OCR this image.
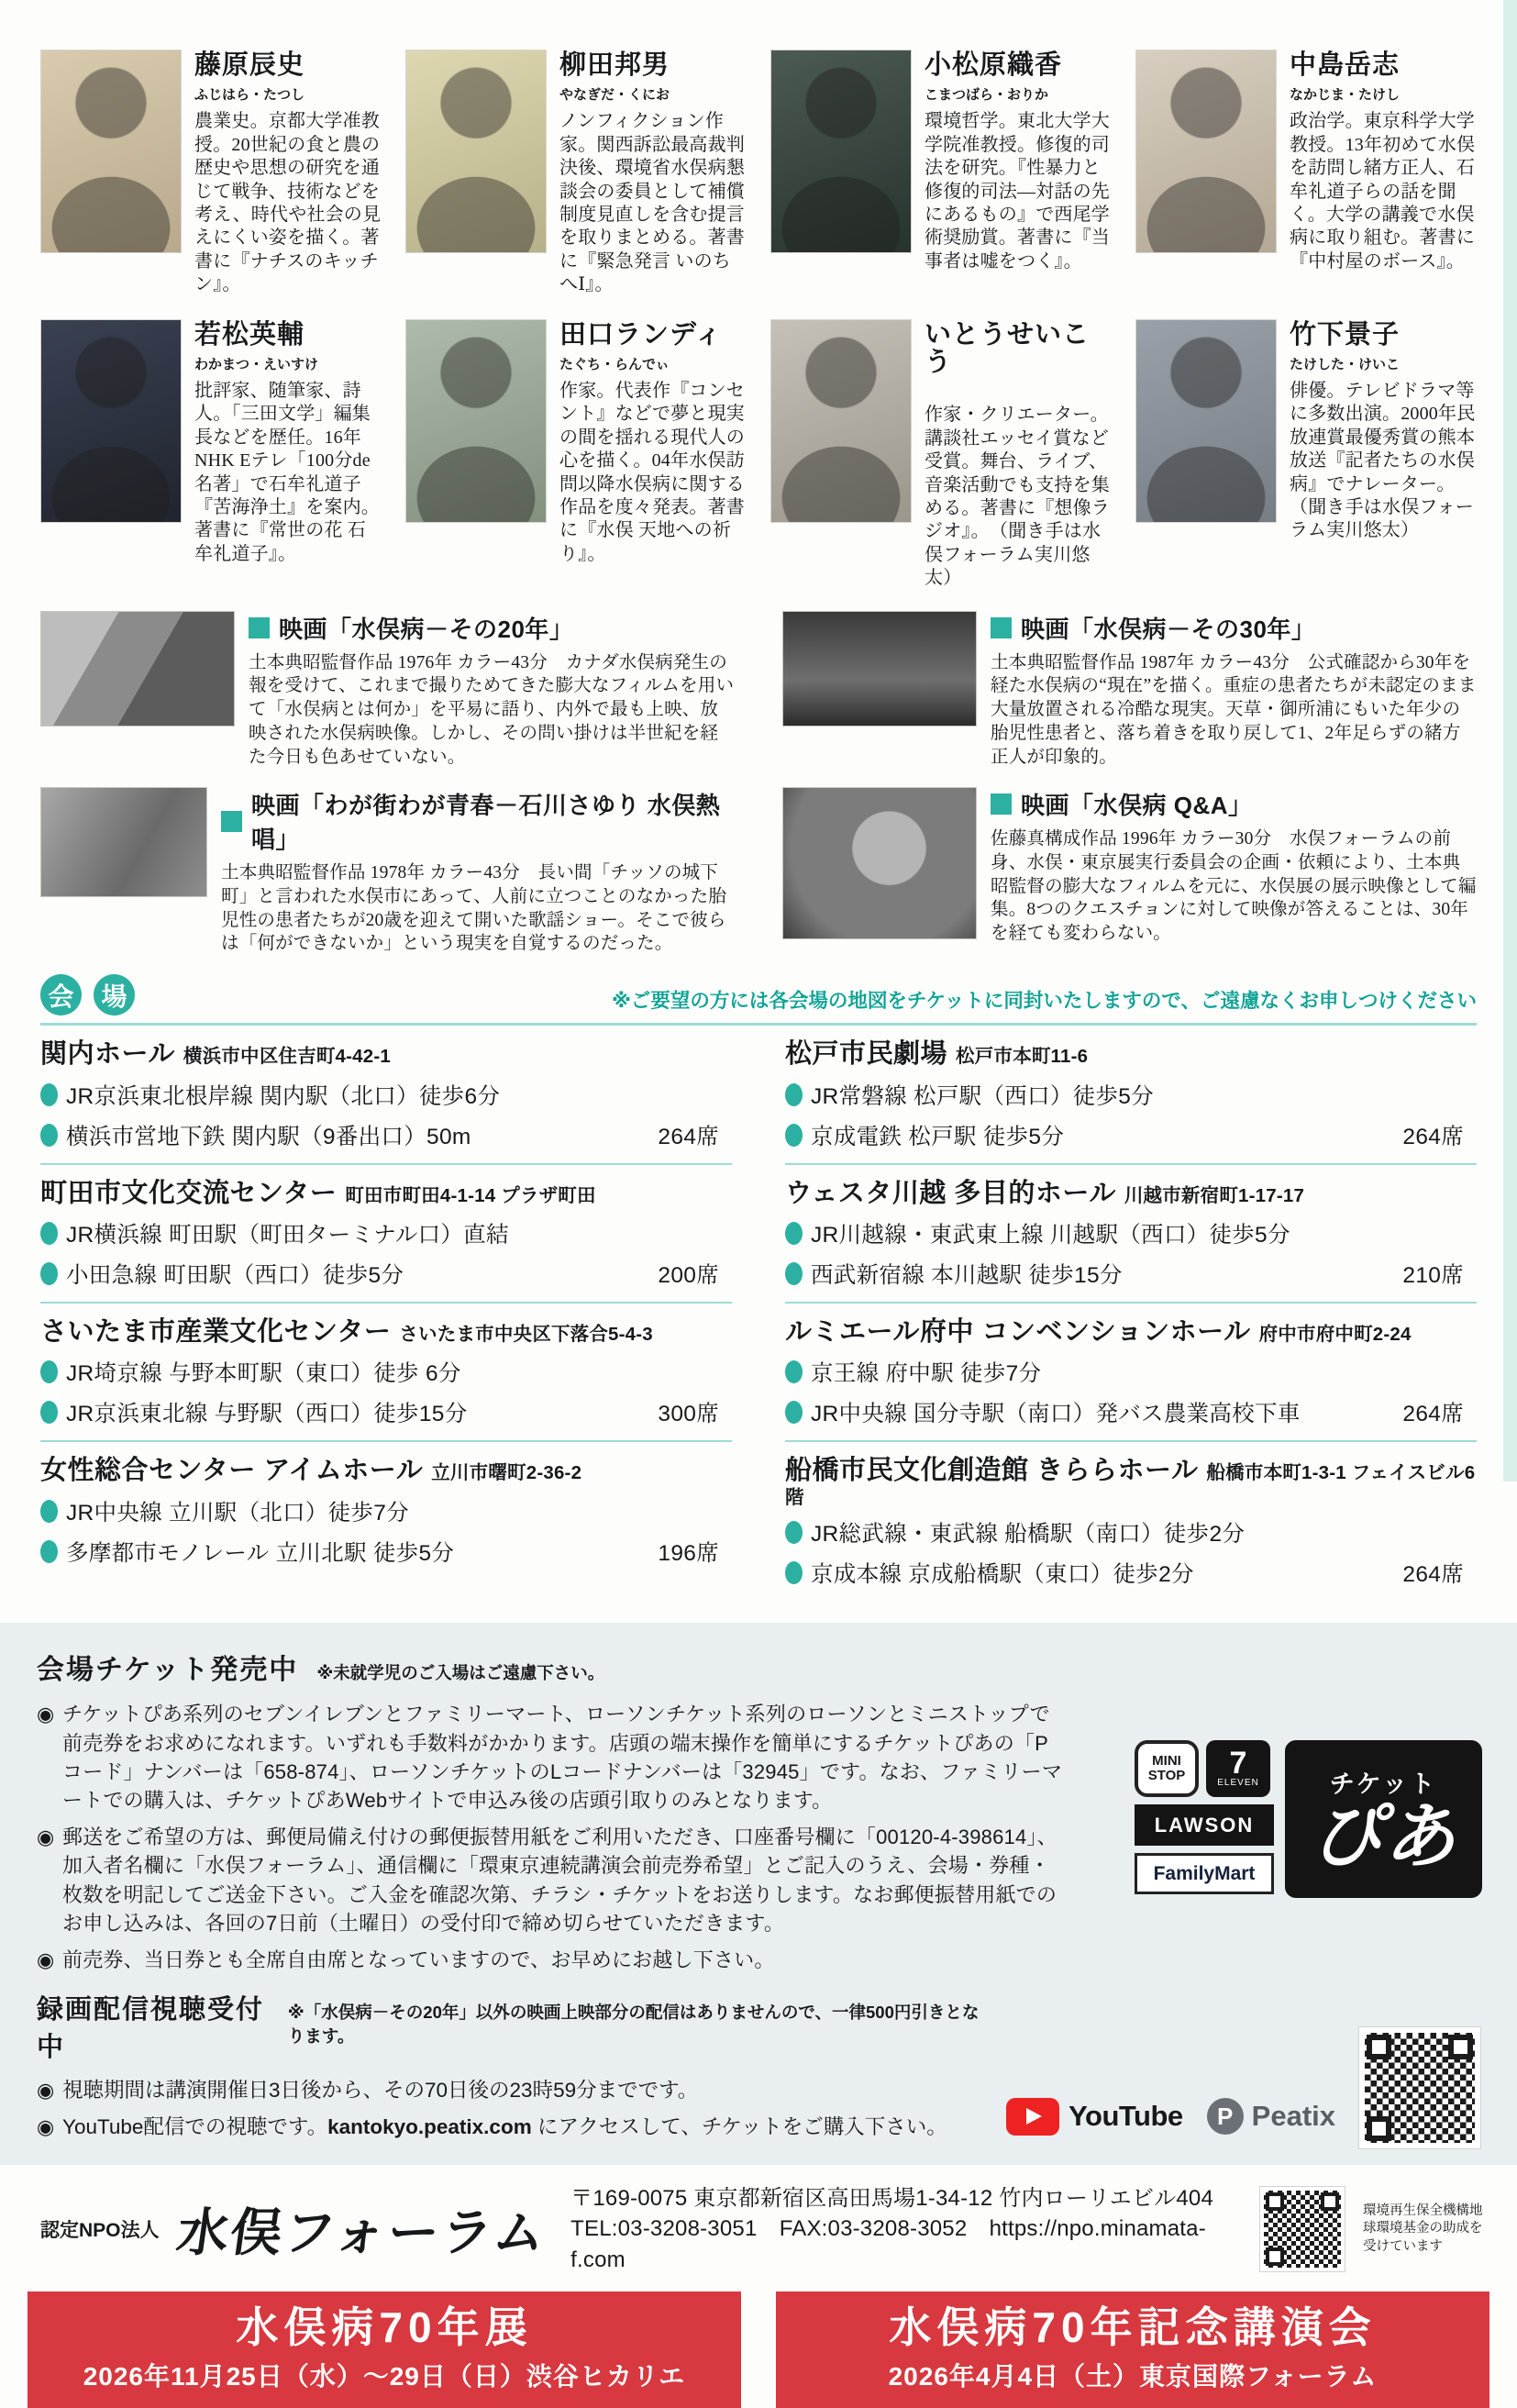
藤原辰史
ふじはら・たつし
農業史。京都大学准教授。20世紀の食と農の歴史や思想の研究を通じて戦争、技術などを考え、時代や社会の見えにくい姿を描く。著書に『ナチスのキッチン』。
柳田邦男
やなぎだ・くにお
ノンフィクション作家。関西訴訟最高裁判決後、環境省水俣病懇談会の委員として補償制度見直しを含む提言を取りまとめる。著書に『緊急発言 いのちへⅠ』。
小松原織香
こまつばら・おりか
環境哲学。東北大学大学院准教授。修復的司法を研究。『性暴力と修復的司法―対話の先にあるもの』で西尾学術奨励賞。著書に『当事者は嘘をつく』。
中島岳志
なかじま・たけし
政治学。東京科学大学教授。13年初めて水俣を訪問し緒方正人、石牟礼道子らの話を聞く。大学の講義で水俣病に取り組む。著書に『中村屋のボース』。
若松英輔
わかまつ・えいすけ
批評家、随筆家、詩人。「三田文学」編集長などを歴任。16年NHK Eテレ「100分de名著」で石牟礼道子『苦海浄土』を案内。著書に『常世の花 石牟礼道子』。
田口ランディ
たぐち・らんでぃ
作家。代表作『コンセント』などで夢と現実の間を揺れる現代人の心を描く。04年水俣訪問以降水俣病に関する作品を度々発表。著書に『水俣 天地への祈り』。
いとうせいこう
作家・クリエーター。講談社エッセイ賞など受賞。舞台、ライブ、音楽活動でも支持を集める。著書に『想像ラジオ』。　（聞き手は水俣フォーラム実川悠太）
竹下景子
たけした・けいこ
俳優。テレビドラマ等に多数出演。2000年民放連賞最優秀賞の熊本放送『記者たちの水俣病』でナレーター。　（聞き手は水俣フォーラム実川悠太）
映画「水俣病－その20年」
土本典昭監督作品 1976年 カラー43分　カナダ水俣病発生の報を受けて、これまで撮りためてきた膨大なフィルムを用いて「水俣病とは何か」を平易に語り、内外で最も上映、放映された水俣病映像。しかし、その問い掛けは半世紀を経た今日も色あせていない。
映画「水俣病－その30年」
土本典昭監督作品 1987年 カラー43分　公式確認から30年を経た水俣病の“現在”を描く。重症の患者たちが未認定のまま大量放置される冷酷な現実。天草・御所浦にもいた年少の胎児性患者と、落ち着きを取り戻して1、2年足らずの緒方正人が印象的。
映画「わが街わが青春－石川さゆり 水俣熱唱」
土本典昭監督作品 1978年 カラー43分　長い間「チッソの城下町」と言われた水俣市にあって、人前に立つことのなかった胎児性の患者たちが20歳を迎えて開いた歌謡ショー。そこで彼らは「何ができないか」という現実を自覚するのだった。
映画「水俣病 Q&A」
佐藤真構成作品 1996年 カラー30分　水俣フォーラムの前身、水俣・東京展実行委員会の企画・依頼により、土本典昭監督の膨大なフィルムを元に、水俣展の展示映像として編集。8つのクエスチョンに対して映像が答えることは、30年を経ても変わらない。
会	場	※ご要望の方には各会場の地図をチケットに同封いたしますので、ご遠慮なくお申しつけください
関内ホール 横浜市中区住吉町4-42-1
JR京浜東北根岸線 関内駅（北口）徒歩6分
横浜市営地下鉄 関内駅（9番出口）50m	264席
松戸市民劇場 松戸市本町11-6
JR常磐線 松戸駅（西口）徒歩5分
京成電鉄 松戸駅 徒歩5分	264席
町田市文化交流センター 町田市町田4-1-14 プラザ町田
JR横浜線 町田駅（町田ターミナル口）直結
小田急線 町田駅（西口）徒歩5分	200席
ウェスタ川越 多目的ホール 川越市新宿町1-17-17
JR川越線・東武東上線 川越駅（西口）徒歩5分
西武新宿線 本川越駅 徒歩15分	210席
さいたま市産業文化センター さいたま市中央区下落合5-4-3
JR埼京線 与野本町駅（東口）徒歩 6分
JR京浜東北線 与野駅（西口）徒歩15分	300席
ルミエール府中 コンベンションホール 府中市府中町2-24
京王線 府中駅 徒歩7分
JR中央線 国分寺駅（南口）発バス農業高校下車	264席
女性総合センター アイムホール 立川市曙町2-36-2
JR中央線 立川駅（北口）徒歩7分
多摩都市モノレール 立川北駅 徒歩5分	196席
船橋市民文化創造館 きららホール 船橋市本町1-3-1 フェイスビル6階
JR総武線・東武線 船橋駅（南口）徒歩2分
京成本線 京成船橋駅（東口）徒歩2分	264席
会場チケット発売中 ※未就学児のご入場はご遠慮下さい。

◉ チケットぴあ系列のセブンイレブンとファミリーマート、ローソンチケット系列のローソンとミニストップで前売券をお求めになれます。いずれも手数料がかかります。店頭の端末操作を簡単にするチケットぴあの「Pコード」ナンバーは「658-874」、ローソンチケットのLコードナンバーは「32945」です。なお、ファミリーマートでの購入は、チケットぴあWebサイトで申込み後の店頭引取りのみとなります。

◉ 郵送をご希望の方は、郵便局備え付けの郵便振替用紙をご利用いただき、口座番号欄に「00120-4-398614」、加入者名欄に「水俣フォーラム」、通信欄に「環東京連続講演会前売券希望」とご記入のうえ、会場・券種・枚数を明記してご送金下さい。ご入金を確認次第、チラシ・チケットをお送りします。なお郵便振替用紙でのお申し込みは、各回の7日前（土曜日）の受付印で締め切らせていただきます。

◉ 前売券、当日券とも全席自由席となっていますので、お早めにお越し下さい。

MINI
STOP 7
ELEVEN
LAWSON
FamilyMart
チケット
ぴあ
録画配信視聴受付中
※「水俣病－その20年」以外の映画上映部分の配信はありませんので、一律500円引きとなります。

◉ 視聴期間は講演開催日3日後から、その70日後の23時59分までです。

◉ YouTube配信での視聴です。kantokyo.peatix.com にアクセスして、チケットをご購入下さい。	YouTube	P Peatix
認定NPO法人 水俣フォーラム
〒169-0075 東京都新宿区高田馬場1-34-12 竹内ローリエビル404
TEL:03-3208-3051　FAX:03-3208-3052　https://npo.minamata-f.com
環境再生保全機構地球環境基金の助成を受けています
水俣病70年展
2026年11月25日（水）～29日（日）渋谷ヒカリエ
水俣病70年記念講演会
2026年4月4日（土）東京国際フォーラム
